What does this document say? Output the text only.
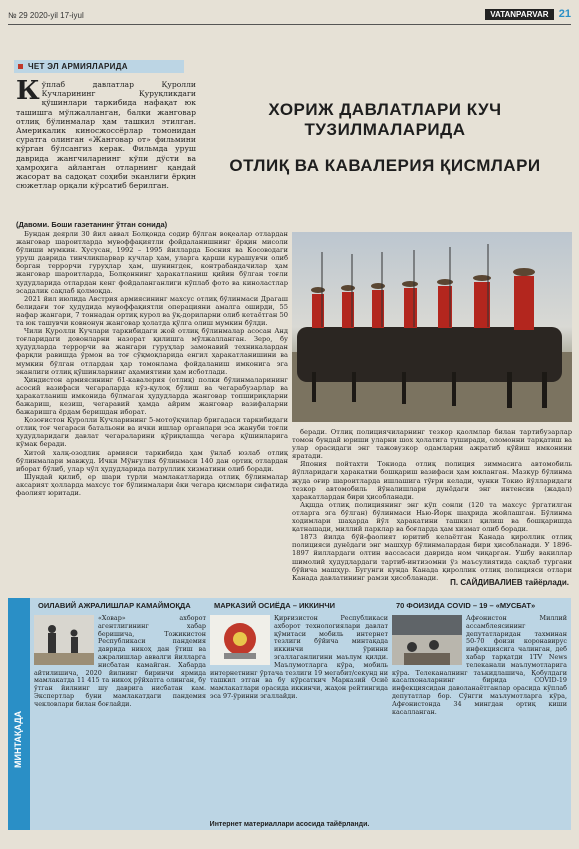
№ 29 2020-yil 17-iyul	VATANPARVAR 21
ЧЕТ ЭЛ АРМИЯЛАРИДА
К ўплаб давлатлар Қуролли Кучларининг Қуруқликдаги қўшинлари таркибида нафақат юк ташишга мўлжалланган, балки жанговар отлиқ бўлинмалар ҳам ташкил этилган. Америкалик киносжоссёрлар томонидан суратга олинган «Жанговар от» фильмини кўрган бўлсангиз керак. Фильмда уруш даврида жангчиларнинг кўпи дўсти ва ҳамроҳига айланган отларнинг қандай жасорат ва садоқат соҳиби эканлиги ёрқин сюжетлар орқали кўрсатиб берилган.
ХОРИЖ ДАВЛАТЛАРИ КУЧ ТУЗИЛМАЛАРИДА
ОТЛИҚ ВА КАВАЛЕРИЯ ҚИСМЛАРИ
(Давоми. Боши газетанинг ўтган сонида)

Бундан деярли 30 йил аввал Болқонда содир бўлган воқеалар отлардан жанговар шароитларда мувоффақиятли фойдаланишнинг ёрқин мисоли бўлиши мумкин. Хусусан, 1992 – 1995 йилларда Босния ва Косоводаги уруш даврида тинчликпарвар кучлар ҳам, уларга қарши курашувчи олиб борган террорчи гуруҳлар ҳам, шунингдек, контрабандачилар ҳам жанговар шароитларда, Болқоннинг ҳаракатланиш қийин бўлган тоғли ҳудудларида отлардан кенг фойдаланганлиги кўплаб фото ва киноластлар эсадалик сақлаб қолмоқда.

2021 йил июлида Австрия армиясининг махсус отлиқ бўлинмаси Драгаш белидағи тоғ ҳудудида мувоффақиятли операцияни амалга оширди, 55 нафар жангари, 7 тоннадан ортиқ курол ва ўқ-дориларни олиб кетаётган 50 та юк ташувчи ковнонун жанговар ҳолатда қўлга олиш мумкин бўлди.

Чили Қуролли Кучлари таркибидаги жой отлиқ бўлинмалар асосан Анд тоғларидаги довонларни назорат қилишга мўлжалланган. Зеро, бу ҳудудларда террорчи ва жангари гуруҳлар замонавий техникалардан фарқли равишда ўрмон ва тоғ сўқмоқларида енгил ҳаракатланишини ва мумкин бўлган отлардан ҳар томонлама фойдаланиш имконига эга эканлиги отлиқ қўшинларнинг аҳамиятини ҳам исботлади.

Ҳиндистон армиясининг 61-кавалерия (отлиқ) полки бўлинмаларининг асосий вазифаси чегараларда кўз-қулоқ бўлиш ва чегарабузарлар ва ҳаракатланиш имконида бўлмаган ҳудудларда жанговар топшириқларни бажариш, кезиш, чегаравий ҳамда айрим жанговар вазифаларни бажаришга ёрдам беришдан иборат.

Қозоғистон Қуролли Кучларининг 5-мотоўқчилар бригадаси таркибидаги отлиқ тоғ чегараси батальони ва ички ишлар органлари эса жануби тоғли ҳудудларидаги давлат чегараларини қўриқлашда чегара қўшинларига кўмак беради.

Хитой халқ-озодлик армияси таркибида ҳам ўнлаб юзлаб отлиқ бўлинмалари мавжуд. Ички Мўнғулия бўлинмаси 140 дан ортиқ отлардан иборат бўлиб, улар чўл ҳудудларида патруллик хизматини олиб боради.

Шундай қилиб, ер шари турли мамлакатларида отлиқ бўлинмалар аксарият ҳолларда махсус тоғ бўлинмалари ёки чегара қисмлари сифатида фаолият юритади.

беради. Отлиқ полициячиларнинг тезкор қаолмлар билан тартибузарлар томон бундай юриши уларни шох ҳолатига туширади, оломонни тарқатиш ва улар орасидаги энг тажовузкор одамларни ажратиб қўйиш имконини яратади.

Япония пойтахти Токиода отлиқ полиция зиммасига автомобиль йўлларидаги ҳаракатни бошқариш вазифаси ҳам юкланган. Мазкур бўлинма жуда оғир шароитларда ишлашига тўғри келади, чунки Токио йўлларидаги тезкор автомобиль йўналишлари дунёдаги энг интенсив (жадал) ҳаракатлардан бири ҳисобланади.

Ақшда отлиқ полициянинг энг кўп сонли (120 та махсус ўргатилган отларга эга бўлган) бўлинмаси Нью-Йорк шаҳрида жойлашган. Бўлинма ходимлари шаҳарда йўл ҳаракатини ташкил қилиш ва бошқаришда қатнашади, миллий парклар ва боғларда ҳам хизмат олиб боради.

1873 йилда бўй-фаолият юритиб келаётган Канада қироллик отлиқ полицияси дунёдаги энг машҳур бўлинмалардан бири ҳисобланади. У 1896-1897 йиллардаги олтин вассасаси даврида ном чиқарган. Ушбу вакиллар шимолий ҳудудлардаги тартиб-интизомни ўз маъсулиятида сақлаб тургани бўйича машҳур. Бугунги кунда Канада қироллик отлиқ полицияси отлари Канада давлатининг рамзи ҳисобланади.

П. САЙДИВАЛИЕВ тайёрлади.
МИНТАҚАДА
ОИЛАВИЙ АЖРАЛИШЛАР КАМАЙМОҚДА
«Ховар» ахборот агентлигининг хабар беришича, Тожикистон Республикаси пандемия даврида никоҳ дан ўтиш ва ажралишлар аввалги йилларга нисбатан камайган. Хабарда айтилишича, 2020 йилнинг биринчи ярмида мамлакатда 11 415 та никоҳ рўйхатга олинган, бу ўтган йилнинг шу даврига нисбатан кам. Экспертлар буни мамлакатдаги пандемия чекловлари билан боғлайди.
МАРКАЗИЙ ОСИЁДА – ИККИНЧИ
Қирғизистон Республикаси ахборот технологиялари давлат қўмитаси мобиль интернет тезлиги бўйича минтақада иккинчи ўринни эгаллаганлигини маълум қилди. Маълумотларга кўра, мобиль интернетнинг ўртача тезлиги 19 мегабит/секунд ни ташкил этган ва бу кўрсаткич Марказий Осиё мамлакатлари орасида иккинчи, жаҳон рейтингида эса 97-ўринни эгаллайди.
70 ФОИЗИДА COVID – 19 – «МУСБАТ»
Афғонистон Миллий ассамблеясининг депутатларидан тахминан 50-70 фоизи коронавирус инфекциясига чалинган, деб хабар тарқатди 1TV News телеканали маълумотларига кўра. Телеканалнинг таъкидлашича, Қобулдаги касалхоналарнинг бирида COVID-19 инфекциясидан даволанаётганлар орасида кўплаб депутатлар бор. Сўнгги маълумотларга кўра, Афғонистонда 34 мингдан ортиқ киши касалланган.
Интернет материаллари асосида тайёрланди.
